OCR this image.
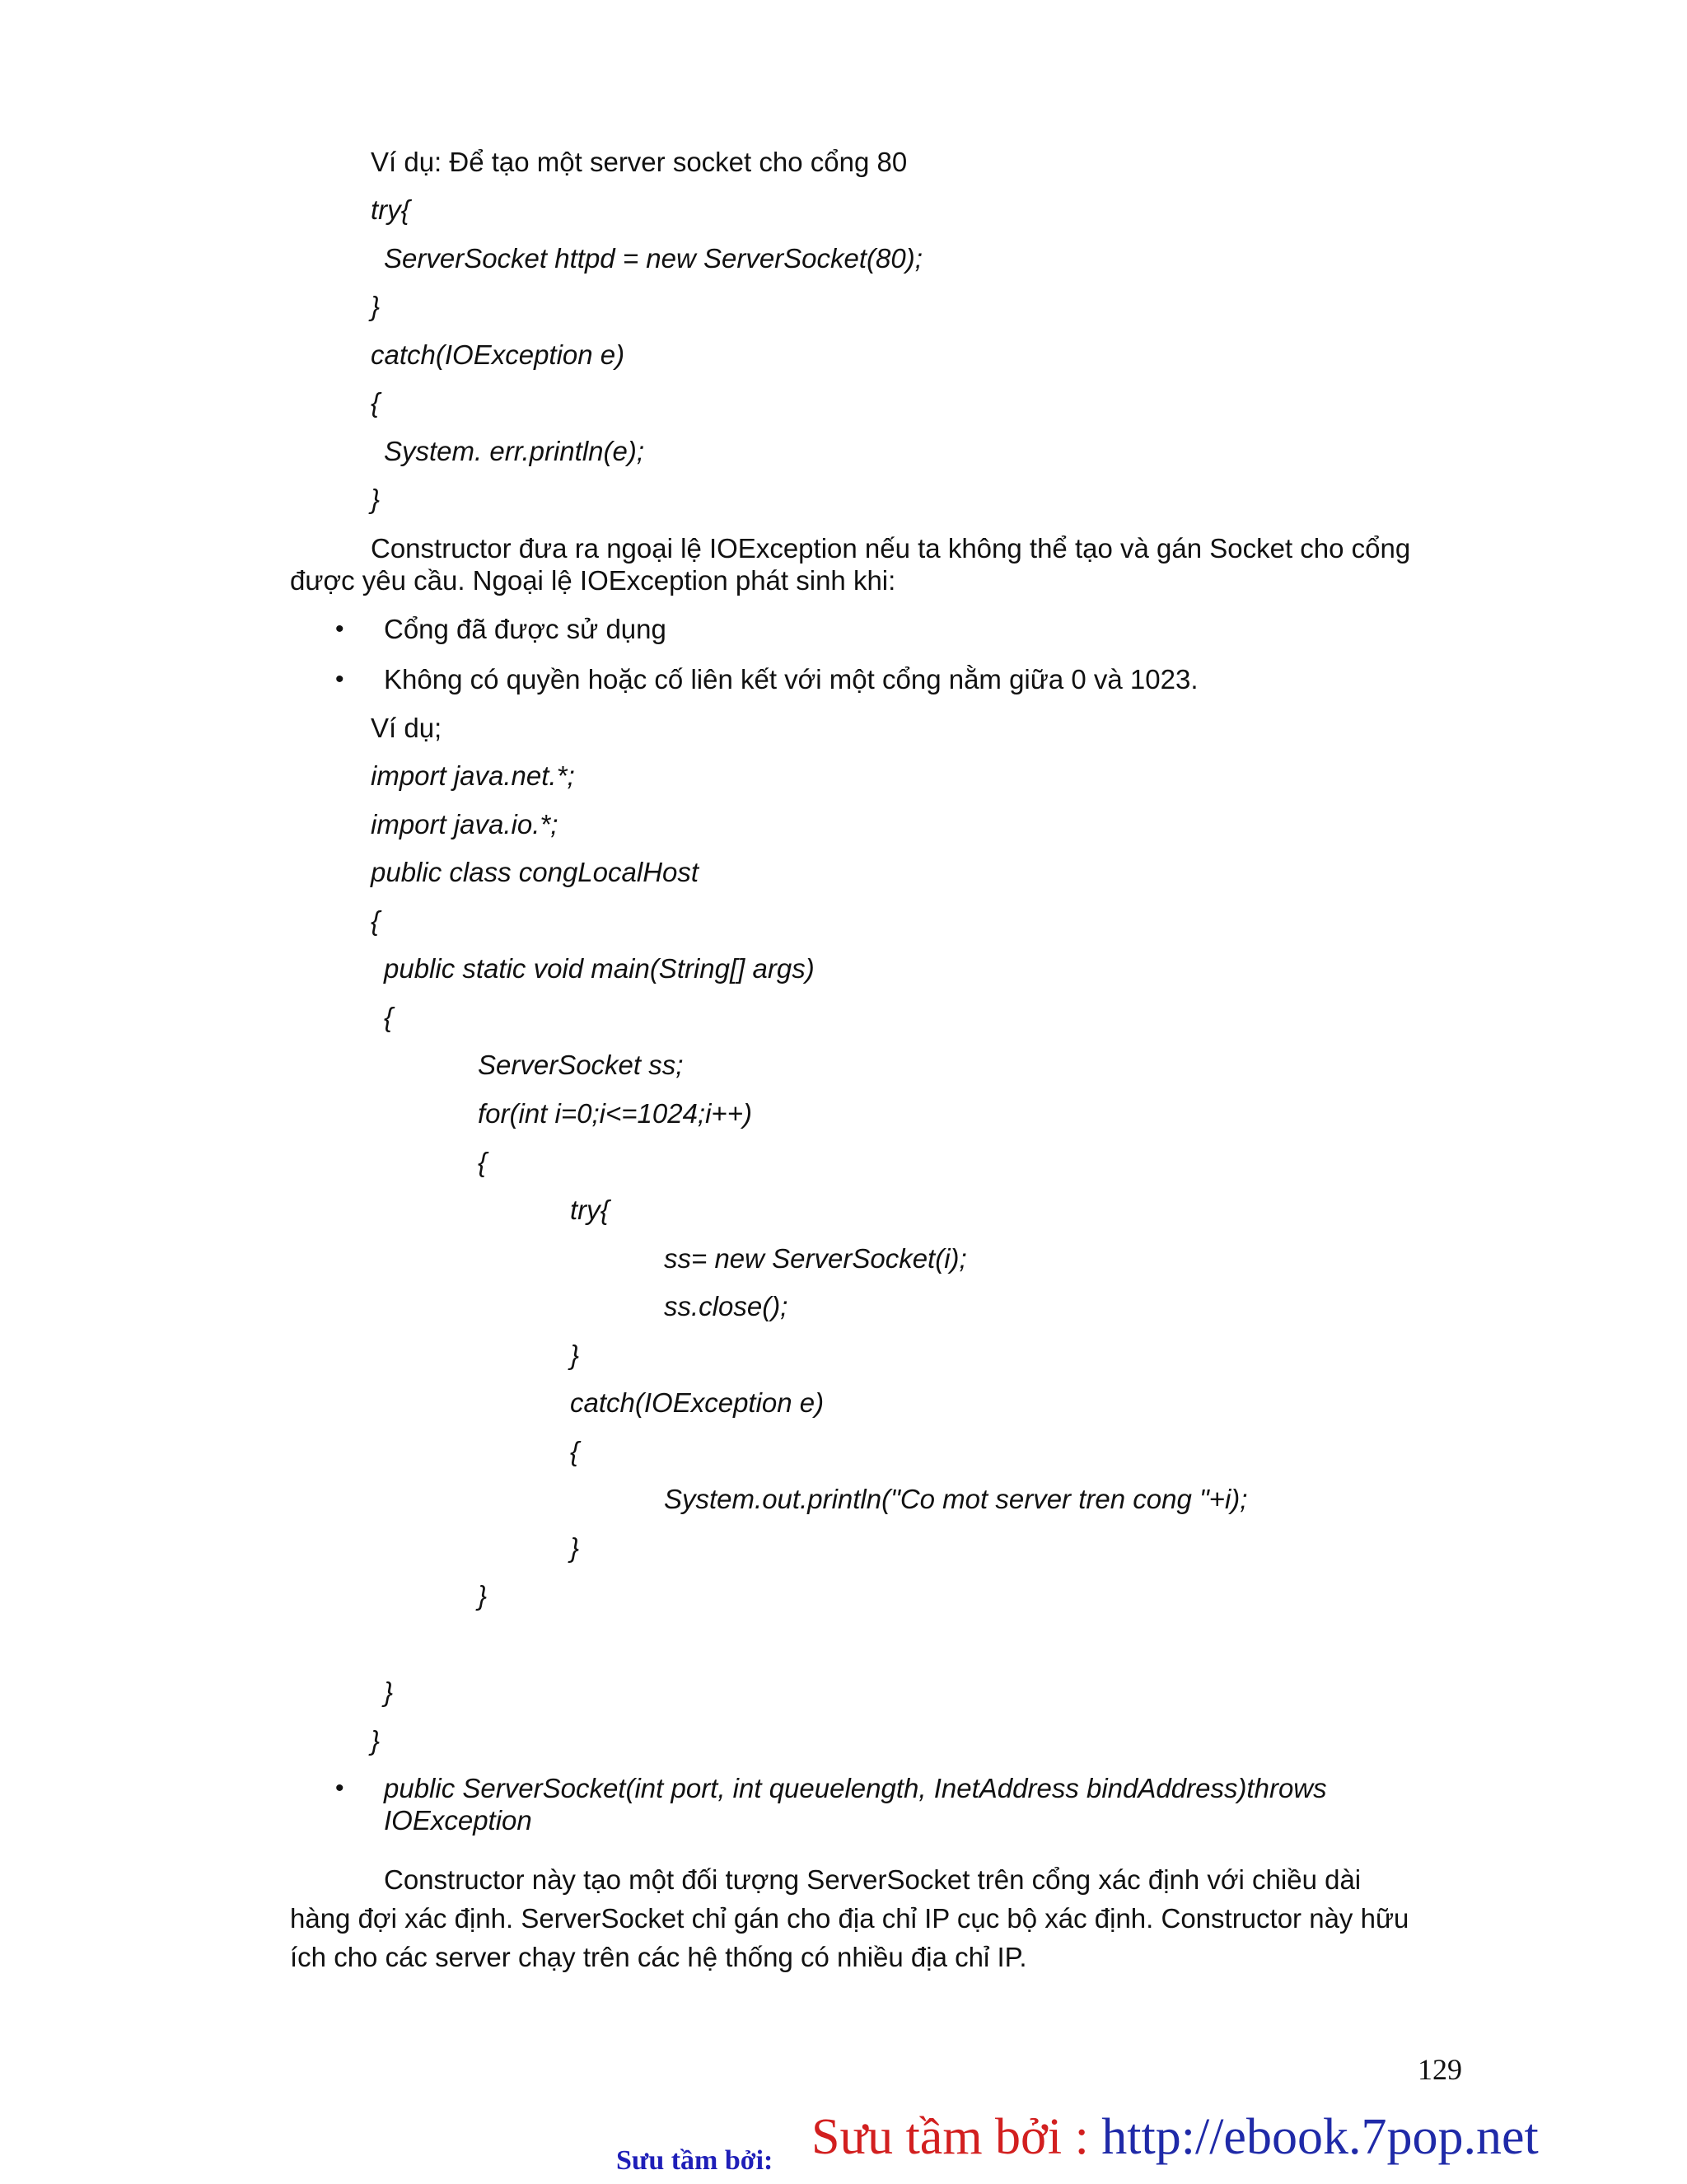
Ví dụ: Để tạo một server socket cho cổng 80
try{
ServerSocket httpd = new ServerSocket(80);
}
catch(IOException e)
{
System. err.println(e);
}
Constructor đưa ra ngoại lệ IOException nếu ta không thể tạo và gán Socket cho cổng
được yêu cầu. Ngoại lệ IOException phát sinh khi:
• Cổng đã được sử dụng
• Không có quyền hoặc cố liên kết với một cổng nằm giữa 0 và 1023.
Ví dụ;
import java.net.*;
import java.io.*;
public class congLocalHost
{
public static void main(String[] args)
{
ServerSocket ss;
for(int i=0;i<=1024;i++)
{
try{
ss= new ServerSocket(i);
ss.close();
}
catch(IOException e)
{
System.out.println("Co mot server tren cong "+i);
}
}
}
}
• public ServerSocket(int port, int queuelength, InetAddress bindAddress)throws
IOException
Constructor này tạo một đối tượng ServerSocket trên cổng xác định với chiều dài
hàng đợi xác định. ServerSocket chỉ gán cho địa chỉ IP cục bộ xác định. Constructor này hữu
ích cho các server chạy trên các hệ thống có nhiều địa chỉ IP.
129
Sưu tầm bởi : http://ebook.7pop.net
Sưu tầm bởi:
